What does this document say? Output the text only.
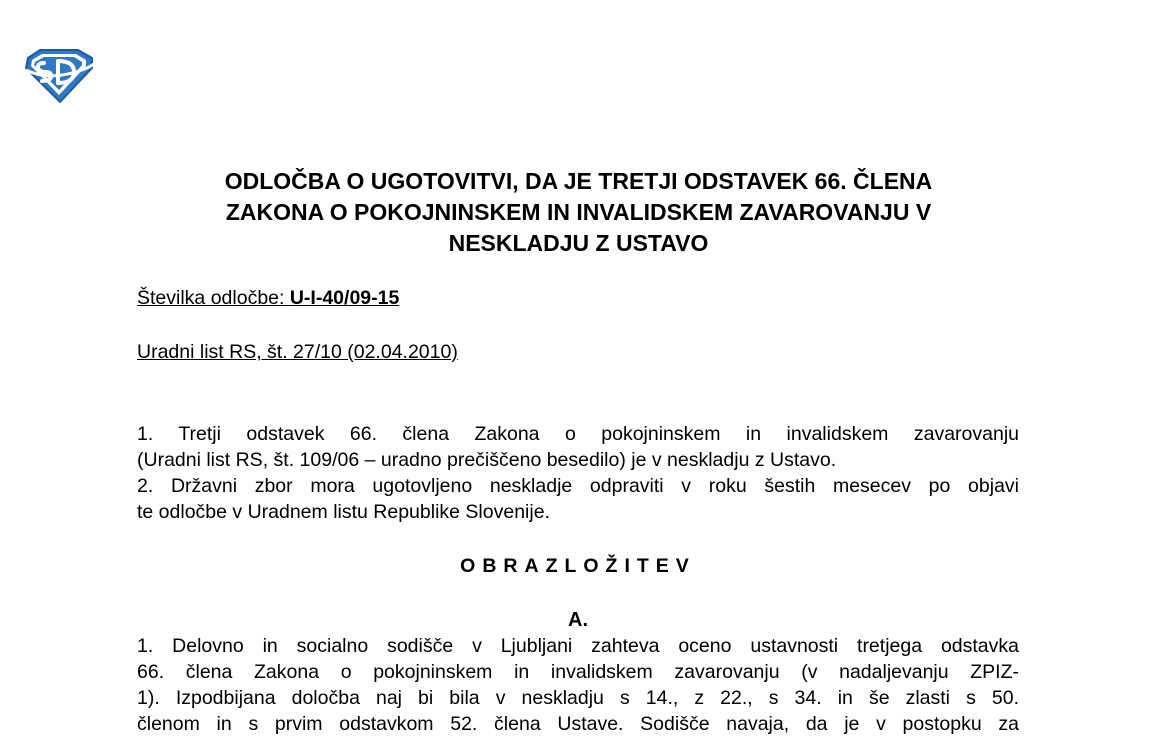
ODLOČBA O UGOTOVITVI, DA JE TRETJI ODSTAVEK 66. ČLENA
ZAKONA O POKOJNINSKEM IN INVALIDSKEM ZAVAROVANJU V
NESKLADJU Z USTAVO
Številka odločbe: U-I-40/09-15
Uradni list RS, št. 27/10 (02.04.2010)
1. Tretji odstavek 66. člena Zakona o pokojninskem in invalidskem zavarovanju
(Uradni list RS, št. 109/06 – uradno prečiščeno besedilo) je v neskladju z Ustavo.
2. Državni zbor mora ugotovljeno neskladje odpraviti v roku šestih mesecev po objavi
te odločbe v Uradnem listu Republike Slovenije.
OBRAZLOŽITEV
A.
1. Delovno in socialno sodišče v Ljubljani zahteva oceno ustavnosti tretjega odstavka
66. člena Zakona o pokojninskem in invalidskem zavarovanju (v nadaljevanju ZPIZ-
1). Izpodbijana določba naj bi bila v neskladju s 14., z 22., s 34. in še zlasti s 50.
členom in s prvim odstavkom 52. člena Ustave. Sodišče navaja, da je v postopku za
